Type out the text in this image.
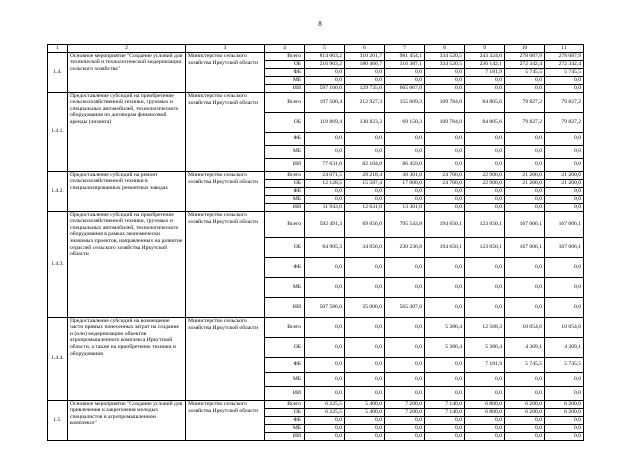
8
1	2	3	4	5	6	7	8	9	10	11
1.4.	Основное мероприятие "Создание условий для технической и технологической модернизации сельского хозяйства"	Министерство сельского хозяйства Иркутской области	Всего	814 063,2	310 201,7	981 454,1	334 520,5	243 324,0	278 087,9	278 087,9
			ОБ	216 903,2	180 466,7	316 387,1	334 520,5	236 142,1	272 342,4	272 342,4
			ФБ	0,0	0,0	0,0	0,0	7 181,9	5 745,5	5 745,5
			МБ	0,0	0,0	0,0	0,0	0,0	0,0	0,0
			ИИ	597 160,0	129 735,0	665 067,0	0,0	0,0	0,0	0,0
1.4.1.	Предоставление субсидий на приобретение сельскохозяйственной техники, грузовых и специальных автомобилей, технологического оборудования по договорам финансовой аренды (лизинга)	Министерство сельского хозяйства Иркутской области	Всего	197 500,4	212 927,3	155 609,3	109 784,0	84 805,6	79 827,2	79 827,2
			ОБ	119 869,4	130 823,3	69 150,3	109 784,0	84 805,6	79 827,2	79 827,2
			ФБ	0,0	0,0	0,0	0,0	0,0	0,0	0,0
			МБ	0,0	0,0	0,0	0,0	0,0	0,0	0,0
			ИИ	77 631,0	82 104,0	86 459,0	0,0	0,0	0,0	0,0
1.4.2.	Предоставление субсидий на ремонт сельскохозяйственной техники в специализированных ремонтных заводах	Министерство сельского хозяйства Иркутской области	Всего	24 071,5	28 218,4	30 301,0	24 700,0	22 900,0	21 200,0	21 200,0
			ОБ	12 128,5	15 587,4	17 000,0	24 700,0	22 900,0	21 200,0	21 200,0
			ФБ	0,0	0,0	0,0	0,0	0,0	0,0	0,0
			МБ	0,0	0,0	0,0	0,0	0,0	0,0	0,0
			ИИ	11 943,0	12 631,0	13 301,0	0,0	0,0	0,0	0,0
1.4.3.	Предоставление субсидий на приобретение сельскохозяйственной техники, грузовых и специальных автомобилей, технологического оборудования в рамках экономически значимых проектов, направленных на развитие отраслей сельского хозяйства Иркутской области	Министерство сельского хозяйства Иркутской области	Всего	592 491,3	69 056,0	795 543,8	194 650,1	123 050,1	167 006,1	167 006,1
			ОБ	84 905,3	34 056,0	230 236,8	194 650,1	123 050,1	167 006,1	167 006,1
			ФБ	0,0	0,0	0,0	0,0	0,0	0,0	0,0
			МБ	0,0	0,0	0,0	0,0	0,0	0,0	0,0
			ИИ	507 586,0	35 000,0	565 307,0	0,0	0,0	0,0	0,0
1.4.4.	Предоставление субсидий на возмещение части прямых понесенных затрат на создание и (или) модернизацию объектов агропромышленного комплекса Иркутской области, а также на приобретение техники и оборудования	Министерство сельского хозяйства Иркутской области	Всего	0,0	0,0	0,0	5 386,4	12 568,3	10 054,6	10 054,6
			ОБ	0,0	0,0	0,0	5 386,4	5 386,4	4 309,1	4 309,1
			ФБ	0,0	0,0	0,0	0,0	7 181,9	5 745,5	5 745,5
			МБ	0,0	0,0	0,0	0,0	0,0	0,0	0,0
			ИИ	0,0	0,0	0,0	0,0	0,0	0,0	0,0
1.5.	Основное мероприятие "Создание условий для привлечения и закрепления молодых специалистов в агропромышленном комплексе"	Министерство сельского хозяйства Иркутской области	Всего	6 225,5	5 400,0	7 200,0	7 140,0	6 800,0	6 200,0	6 200,0
			ОБ	6 225,5	5 400,0	7 200,0	7 140,0	6 800,0	6 200,0	6 200,0
			ФБ	0,0	0,0	0,0	0,0	0,0	0,0	0,0
			МБ	0,0	0,0	0,0	0,0	0,0	0,0	0,0
			ИИ	0,0	0,0	0,0	0,0	0,0	0,0	0,0
